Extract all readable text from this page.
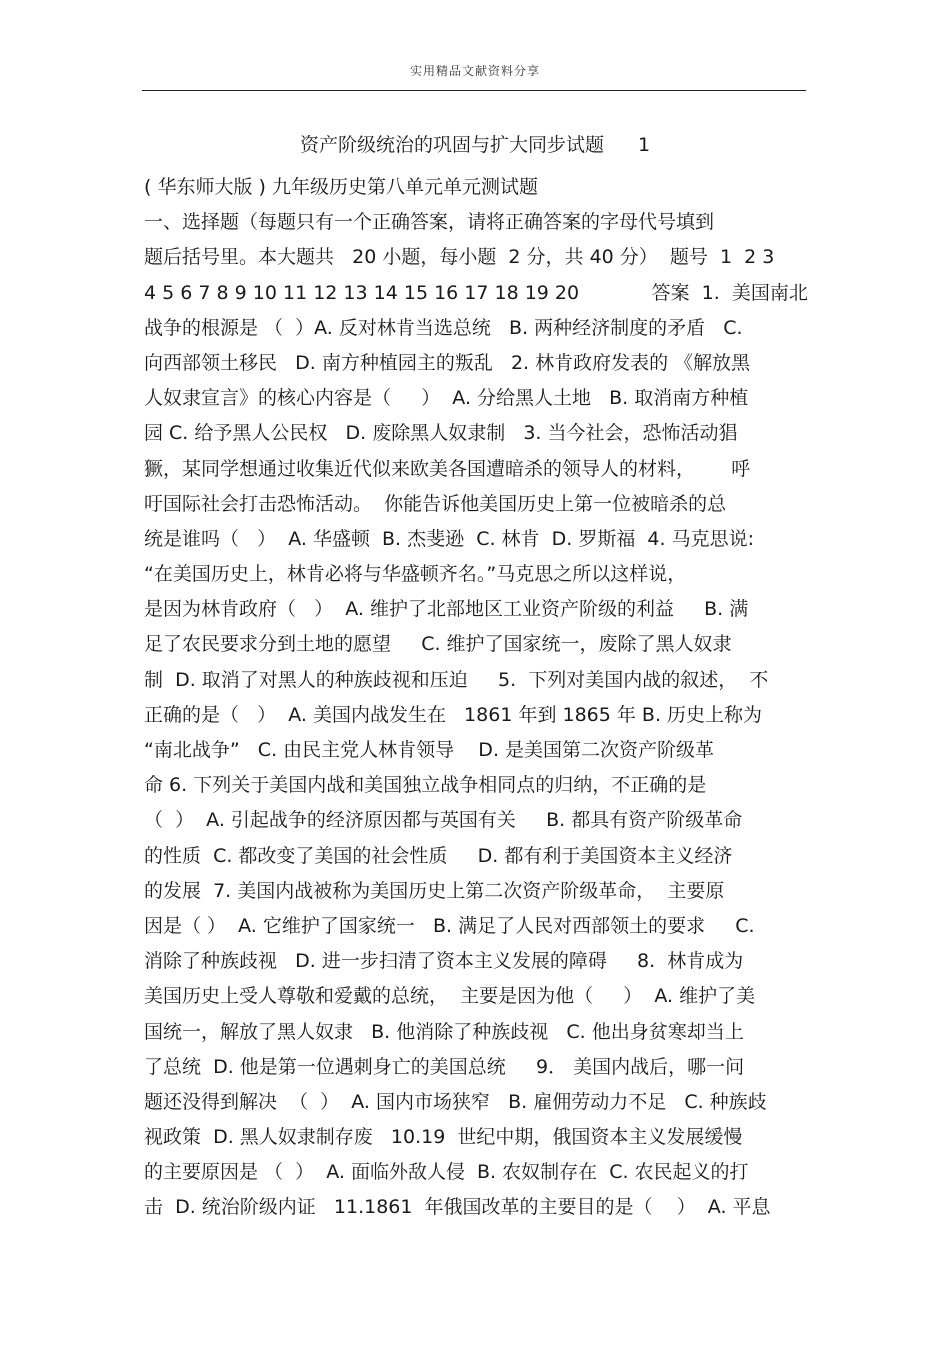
实用精品文献资料分享
资产阶级统治的巩固与扩大同步试题 1
( 华东师大版 ) 九年级历史第八单元单元测试题
一、选择题（每题只有一个正确答案，请将正确答案的字母代号填到
题后括号里。本大题共   20 小题，每小题  2 分，共 40 分）  题号  1  2 3
4 5 6 7 8 9 10 11 12 13 14 15 16 17 18 19 20            答案  1.  美国南北
战争的根源是 （  ）A. 反对林肯当选总统   B. 两种经济制度的矛盾   C.
向西部领土移民   D. 南方种植园主的叛乱   2. 林肯政府发表的 《解放黑
人奴隶宣言》的核心内容是（     ）  A. 分给黑人土地   B. 取消南方种植
园 C. 给予黑人公民权   D. 废除黑人奴隶制   3. 当今社会，恐怖活动猖
獗，某同学想通过收集近代似来欧美各国遭暗杀的领导人的材料，      呼
吁国际社会打击恐怖活动。  你能告诉他美国历史上第一位被暗杀的总
统是谁吗（   ）  A. 华盛顿  B. 杰斐逊  C. 林肯  D. 罗斯福  4. 马克思说:
“在美国历史上，林肯必将与华盛顿齐名。”马克思之所以这样说，
是因为林肯政府（   ）  A. 维护了北部地区工业资产阶级的利益     B. 满
足了农民要求分到土地的愿望     C. 维护了国家统一，废除了黑人奴隶
制  D. 取消了对黑人的种族歧视和压迫     5.  下列对美国内战的叙述，  不
正确的是（   ）  A. 美国内战发生在   1861 年到 1865 年 B. 历史上称为
“南北战争”   C. 由民主党人林肯领导    D. 是美国第二次资产阶级革
命 6. 下列关于美国内战和美国独立战争相同点的归纳，不正确的是
（  ）  A. 引起战争的经济原因都与英国有关     B. 都具有资产阶级革命
的性质  C. 都改变了美国的社会性质     D. 都有利于美国资本主义经济
的发展  7. 美国内战被称为美国历史上第二次资产阶级革命，  主要原
因是（ ）  A. 它维护了国家统一   B. 满足了人民对西部领土的要求     C.
消除了种族歧视   D. 进一步扫清了资本主义发展的障碍     8.  林肯成为
美国历史上受人尊敬和爱戴的总统，  主要是因为他（     ）  A. 维护了美
国统一，解放了黑人奴隶   B. 他消除了种族歧视   C. 他出身贫寒却当上
了总统  D. 他是第一位遇刺身亡的美国总统     9． 美国内战后，哪一问
题还没得到解决  （  ）  A. 国内市场狭窄   B. 雇佣劳动力不足   C. 种族歧
视政策  D. 黑人奴隶制存废   10.19  世纪中期，俄国资本主义发展缓慢
的主要原因是 （  ）  A. 面临外敌人侵  B. 农奴制存在  C. 农民起义的打
击  D. 统治阶级内证   11.1861  年俄国改革的主要目的是（    ）  A. 平息
